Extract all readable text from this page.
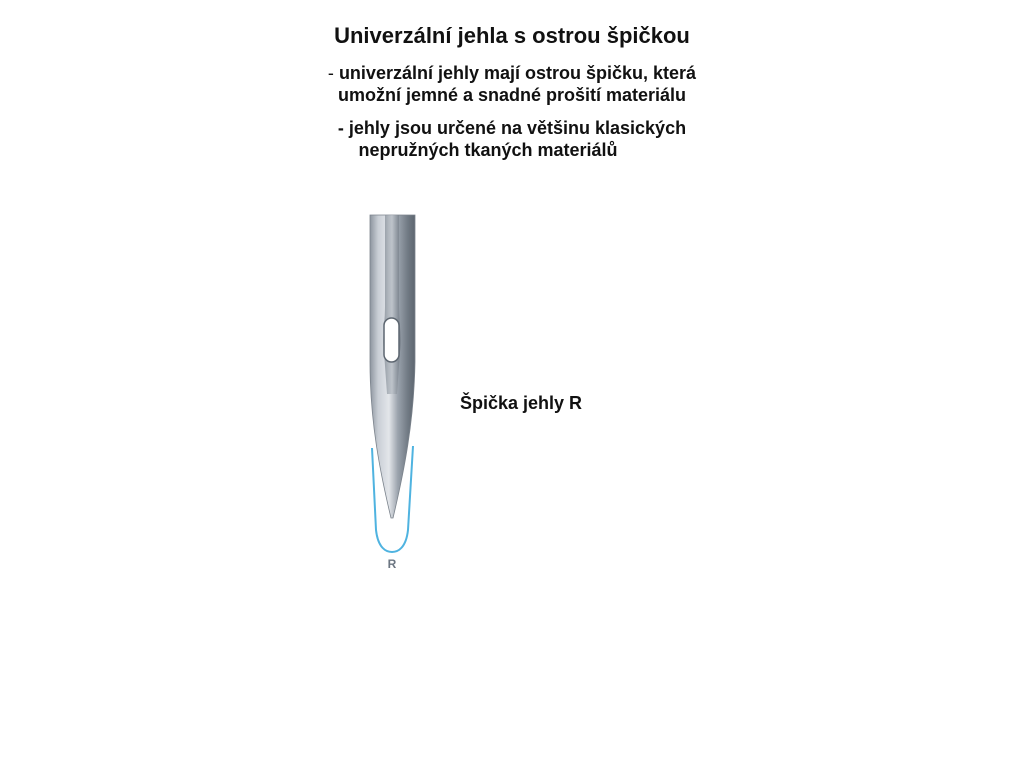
Univerzální jehla s ostrou špičkou
- univerzální jehly mají ostrou špičku, která
umožní jemné a snadné prošití materiálu
- jehly jsou určené na většinu klasických
nepružných tkaných materiálů
R
Špička jehly R
